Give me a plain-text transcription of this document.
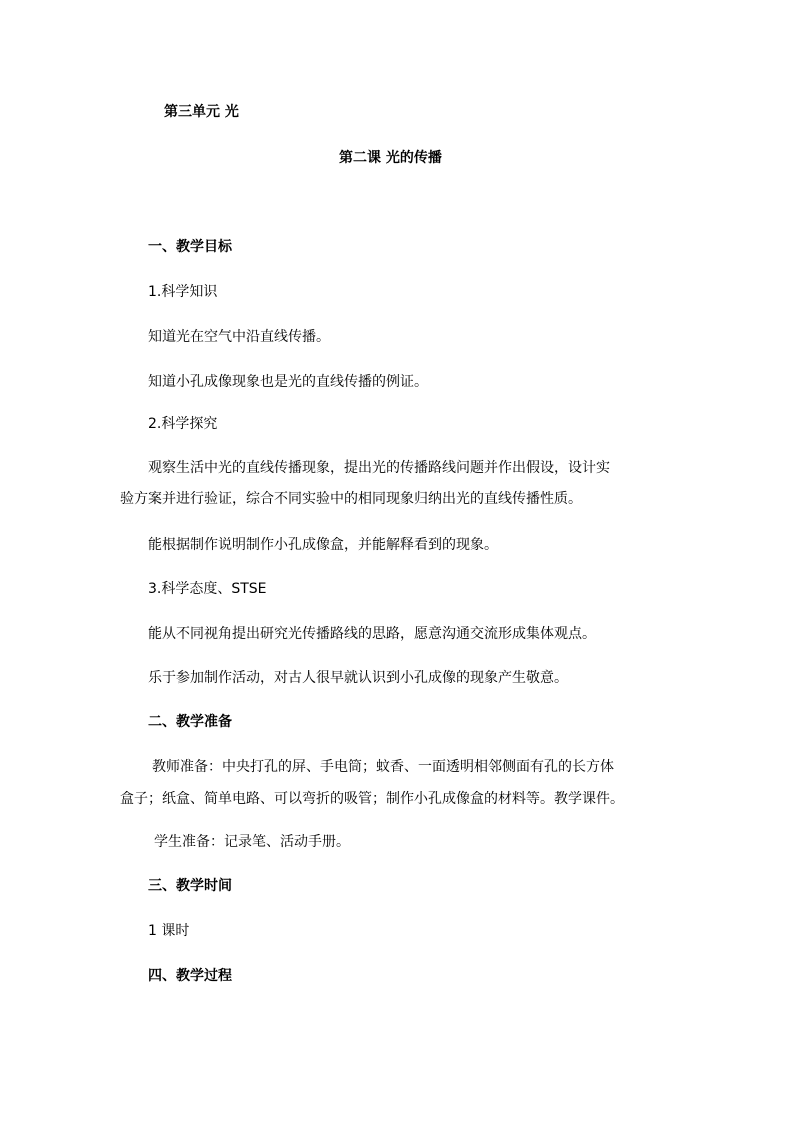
第三单元 光
第二课 光的传播
一、教学目标
1.科学知识
知道光在空气中沿直线传播。
知道小孔成像现象也是光的直线传播的例证。
2.科学探究
观察生活中光的直线传播现象，提出光的传播路线问题并作出假设，设计实
验方案并进行验证，综合不同实验中的相同现象归纳出光的直线传播性质。
能根据制作说明制作小孔成像盒，并能解释看到的现象。
3.科学态度、STSE
能从不同视角提出研究光传播路线的思路，愿意沟通交流形成集体观点。
乐于参加制作活动，对古人很早就认识到小孔成像的现象产生敬意。
二、教学准备
教师准备：中央打孔的屏、手电筒；蚊香、一面透明相邻侧面有孔的长方体
盒子；纸盒、简单电路、可以弯折的吸管；制作小孔成像盒的材料等。教学课件。
学生准备：记录笔、活动手册。
三、教学时间
1 课时
四、教学过程
